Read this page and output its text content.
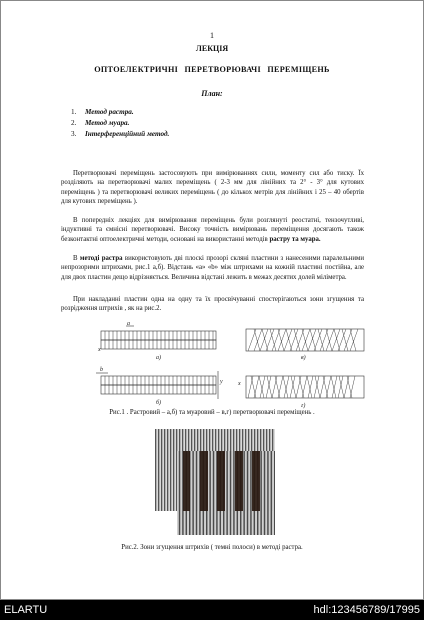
1
ЛЕКЦІЯ
ОПТОЕЛЕКТРИЧНІ ПЕРЕТВОРЮВАЧІ ПЕРЕМІЩЕНЬ
План:
1. Метод растра.
2. Метод муара.
3. Інтерференційний метод.

Перетворювачі переміщень застосовують при вимірюваннях сили, моменту сил або тиску. Їх розділяють на перетворювачі малих переміщень ( 2-3 мм для лінійних та 2° - 3° для кутових переміщень ) та перетворювачі великих переміщень ( до кількох метрів для лінійних і 25 – 40 обертів для кутових переміщень ).

В попередніх лекціях для вимірювання переміщень були розглянуті реостатні, тензочутливі, індуктивні та ємнісні перетворювачі. Високу точність вимірювань переміщення досягають також безконтактні оптоелектричні методи, основані на використанні методів растру та муара.

В методі растра використовують дві плоскі прозорі скляні пластини з нанесеними паралельними непрозорими штрихами, рис.1 а,б). Відстань «a» «b» між штрихами на кожній пластині постійна, але для двох пластин дещо відрізняється. Величина відстані лежить в межах десятих долей міліметра.

При накладанні пластин одна на одну та їх просвічуванні спостерігаються зони згущення та розрідження штрихів , як на рис.2.

а)	в)
б)	г)
а
b
y
x
x
Рис.1 . Растровий – а,б) та муаровий – в,г) перетворювачі переміщень .
Рис.2. Зони згущення штрихів ( темні полоси) в методі растра.
ELARTU	hdl:123456789/17995
